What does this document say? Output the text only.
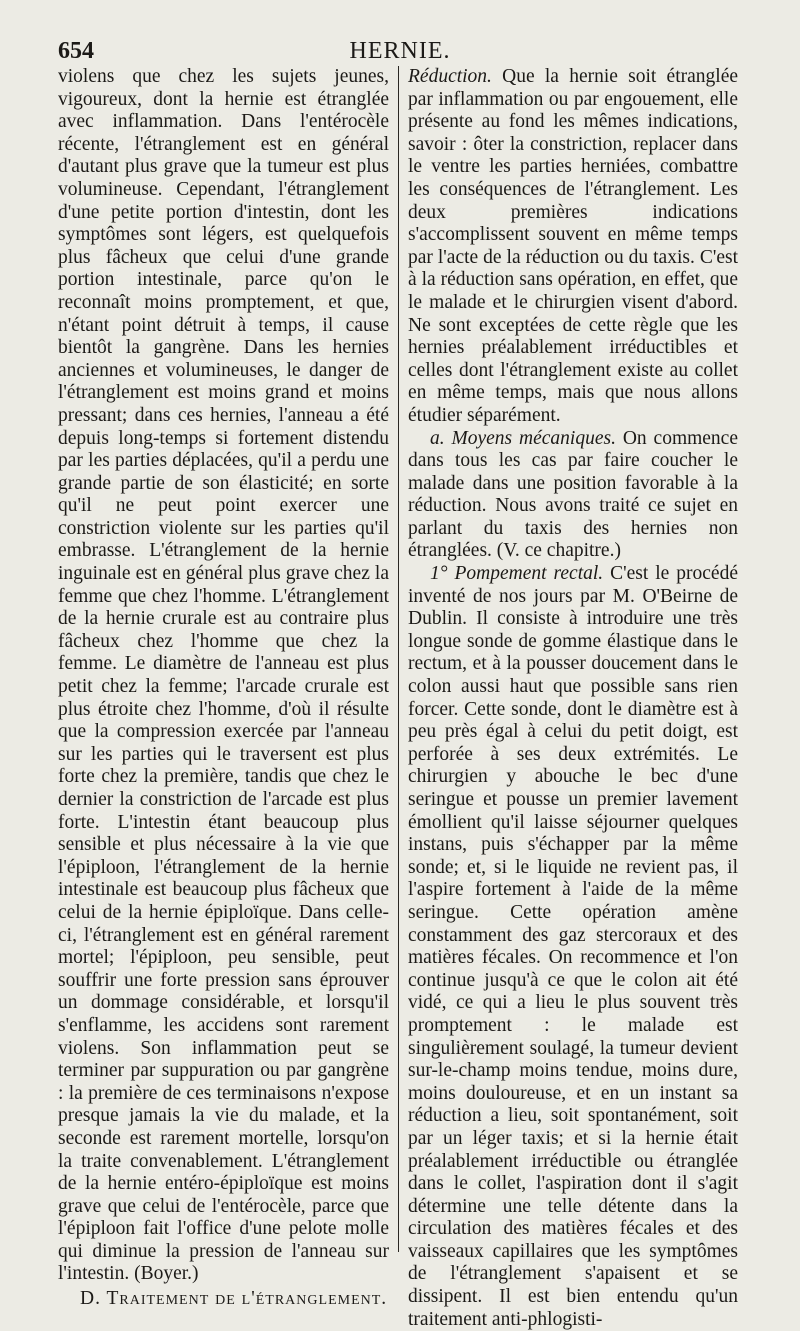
654	HERNIE.

violens que chez les sujets jeunes, vigoureux, dont la hernie est étranglée avec inflammation. Dans l'entérocèle récente, l'étranglement est en général d'autant plus grave que la tumeur est plus volumineuse. Cependant, l'étranglement d'une petite portion d'intestin, dont les symptômes sont légers, est quelquefois plus fâcheux que celui d'une grande portion intestinale, parce qu'on le reconnaît moins promptement, et que, n'étant point détruit à temps, il cause bientôt la gangrène. Dans les hernies anciennes et volumineuses, le danger de l'étranglement est moins grand et moins pressant; dans ces hernies, l'anneau a été depuis long-temps si fortement distendu par les parties déplacées, qu'il a perdu une grande partie de son élasticité; en sorte qu'il ne peut point exercer une constriction violente sur les parties qu'il embrasse. L'étranglement de la hernie inguinale est en général plus grave chez la femme que chez l'homme. L'étranglement de la hernie crurale est au contraire plus fâcheux chez l'homme que chez la femme. Le diamètre de l'anneau est plus petit chez la femme; l'arcade crurale est plus étroite chez l'homme, d'où il résulte que la compression exercée par l'anneau sur les parties qui le traversent est plus forte chez la première, tandis que chez le dernier la constriction de l'arcade est plus forte. L'intestin étant beaucoup plus sensible et plus nécessaire à la vie que l'épiploon, l'étranglement de la hernie intestinale est beaucoup plus fâcheux que celui de la hernie épiploïque. Dans celle-ci, l'étranglement est en général rarement mortel; l'épiploon, peu sensible, peut souffrir une forte pression sans éprouver un dommage considérable, et lorsqu'il s'enflamme, les accidens sont rarement violens. Son inflammation peut se terminer par suppuration ou par gangrène : la première de ces terminaisons n'expose presque jamais la vie du malade, et la seconde est rarement mortelle, lorsqu'on la traite convenablement. L'étranglement de la hernie entéro-épiploïque est moins grave que celui de l'entérocèle, parce que l'épiploon fait l'office d'une pelote molle qui diminue la pression de l'anneau sur l'intestin. (Boyer.)

D. Traitement de l'étranglement.

Réduction. Que la hernie soit étranglée par inflammation ou par engouement, elle présente au fond les mêmes indications, savoir : ôter la constriction, replacer dans le ventre les parties herniées, combattre les conséquences de l'étranglement. Les deux premières indications s'accomplissent souvent en même temps par l'acte de la réduction ou du taxis. C'est à la réduction sans opération, en effet, que le malade et le chirurgien visent d'abord. Ne sont exceptées de cette règle que les hernies préalablement irréductibles et celles dont l'étranglement existe au collet en même temps, mais que nous allons étudier séparément.

a. Moyens mécaniques. On commence dans tous les cas par faire coucher le malade dans une position favorable à la réduction. Nous avons traité ce sujet en parlant du taxis des hernies non étranglées. (V. ce chapitre.)

1° Pompement rectal. C'est le procédé inventé de nos jours par M. O'Beirne de Dublin. Il consiste à introduire une très longue sonde de gomme élastique dans le rectum, et à la pousser doucement dans le colon aussi haut que possible sans rien forcer. Cette sonde, dont le diamètre est à peu près égal à celui du petit doigt, est perforée à ses deux extrémités. Le chirurgien y abouche le bec d'une seringue et pousse un premier lavement émollient qu'il laisse séjourner quelques instans, puis s'échapper par la même sonde; et, si le liquide ne revient pas, il l'aspire fortement à l'aide de la même seringue. Cette opération amène constamment des gaz stercoraux et des matières fécales. On recommence et l'on continue jusqu'à ce que le colon ait été vidé, ce qui a lieu le plus souvent très promptement : le malade est singulièrement soulagé, la tumeur devient sur-le-champ moins tendue, moins dure, moins douloureuse, et en un instant sa réduction a lieu, soit spontanément, soit par un léger taxis; et si la hernie était préalablement irréductible ou étranglée dans le collet, l'aspiration dont il s'agit détermine une telle détente dans la circulation des matières fécales et des vaisseaux capillaires que les symptômes de l'étranglement s'apaisent et se dissipent. Il est bien entendu qu'un traitement anti-phlogisti-
